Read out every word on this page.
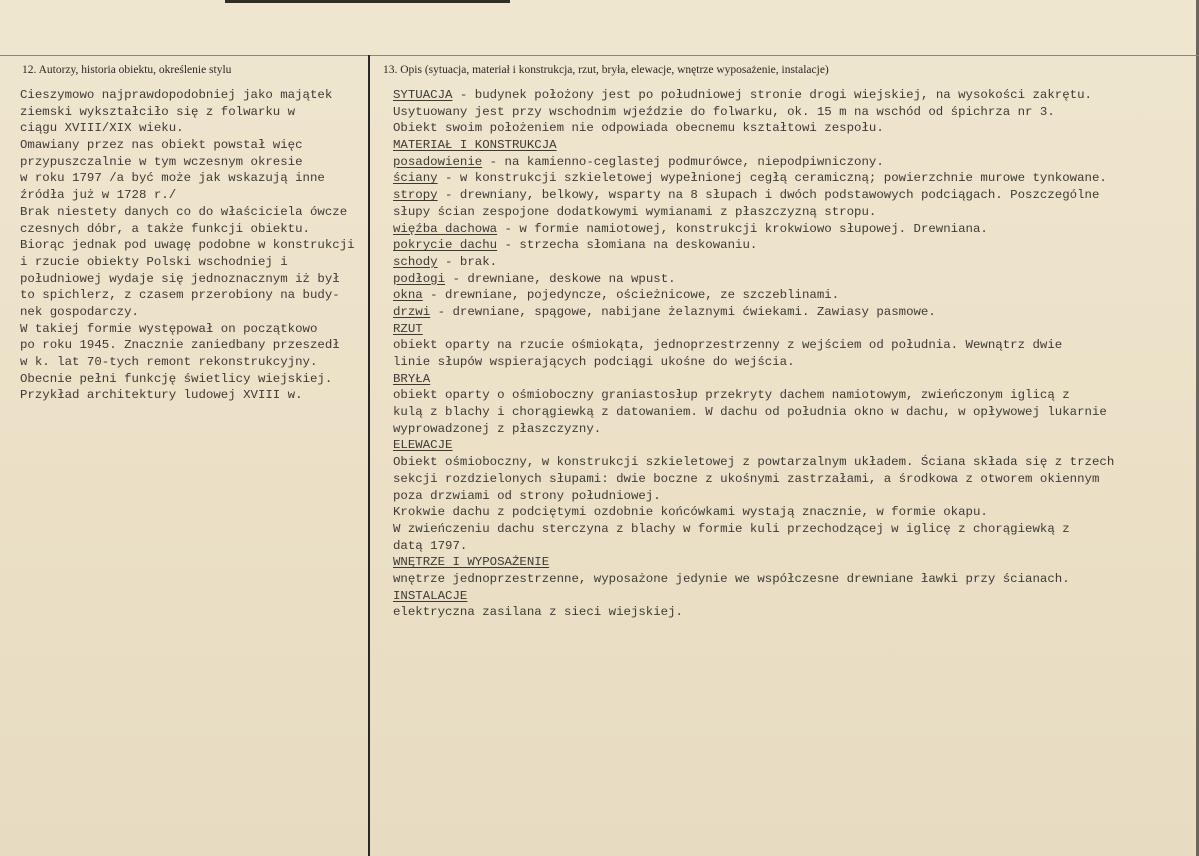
12. Autorzy, historia obiektu, określenie stylu	13. Opis (sytuacja, materiał i konstrukcja, rzut, bryła, elewacje, wnętrze wyposażenie, instalacje)
Cieszymowo najprawdopodobniej jako majątek
ziemski wykształciło się z folwarku w
ciągu XVIII/XIX wieku.
Omawiany przez nas obiekt powstał więc
przypuszczalnie w tym wczesnym okresie
w roku 1797 /a być może jak wskazują inne
źródła już w 1728 r./
Brak niestety danych co do właściciela ówcze
czesnych dóbr, a także funkcji obiektu.
Biorąc jednak pod uwagę podobne w konstrukcji
i rzucie obiekty Polski wschodniej i
południowej wydaje się jednoznacznym iż był
to spichlerz, z czasem przerobiony na budy-
nek gospodarczy.
W takiej formie występował on początkowo
po roku 1945. Znacznie zaniedbany przeszedł
w k. lat 70-tych remont rekonstrukcyjny.
Obecnie pełni funkcję świetlicy wiejskiej.
Przykład architektury ludowej XVIII w.
SYTUACJA - budynek położony jest po południowej stronie drogi wiejskiej, na wysokości zakrętu.
Usytuowany jest przy wschodnim wjeździe do folwarku, ok. 15 m na wschód od śpichrza nr 3.
Obiekt swoim położeniem nie odpowiada obecnemu kształtowi zespołu.
MATERIAŁ I KONSTRUKCJA
posadowienie - na kamienno-ceglastej podmurówce, niepodpiwniczony.
ściany - w konstrukcji szkieletowej wypełnionej cegłą ceramiczną; powierzchnie murowe tynkowane.
stropy - drewniany, belkowy, wsparty na 8 słupach i dwóch podstawowych podciągach. Poszczególne
słupy ścian zespojone dodatkowymi wymianami z płaszczyzną stropu.
więźba dachowa - w formie namiotowej, konstrukcji krokwiowo słupowej. Drewniana.
pokrycie dachu - strzecha słomiana na deskowaniu.
schody - brak.
podłogi - drewniane, deskowe na wpust.
okna - drewniane, pojedyncze, ościeżnicowe, ze szczeblinami.
drzwi - drewniane, spągowe, nabijane żelaznymi ćwiekami. Zawiasy pasmowe.
RZUT
obiekt oparty na rzucie ośmiokąta, jednoprzestrzenny z wejściem od południa. Wewnątrz dwie
linie słupów wspierających podciągi ukośne do wejścia.
BRYŁA
obiekt oparty o ośmioboczny graniastosłup przekryty dachem namiotowym, zwieńczonym iglicą z
kulą z blachy i chorągiewką z datowaniem. W dachu od południa okno w dachu, w opływowej lukarnie
wyprowadzonej z płaszczyzny.
ELEWACJE
Obiekt ośmioboczny, w konstrukcji szkieletowej z powtarzalnym układem. Ściana składa się z trzech
sekcji rozdzielonych słupami: dwie boczne z ukośnymi zastrzałami, a środkowa z otworem okiennym
poza drzwiami od strony południowej.
Krokwie dachu z podciętymi ozdobnie końcówkami wystają znacznie, w formie okapu.
W zwieńczeniu dachu sterczyna z blachy w formie kuli przechodzącej w iglicę z chorągiewką z
datą 1797.
WNĘTRZE I WYPOSAŻENIE
wnętrze jednoprzestrzenne, wyposażone jedynie we współczesne drewniane ławki przy ścianach.
INSTALACJE
elektryczna zasilana z sieci wiejskiej.
